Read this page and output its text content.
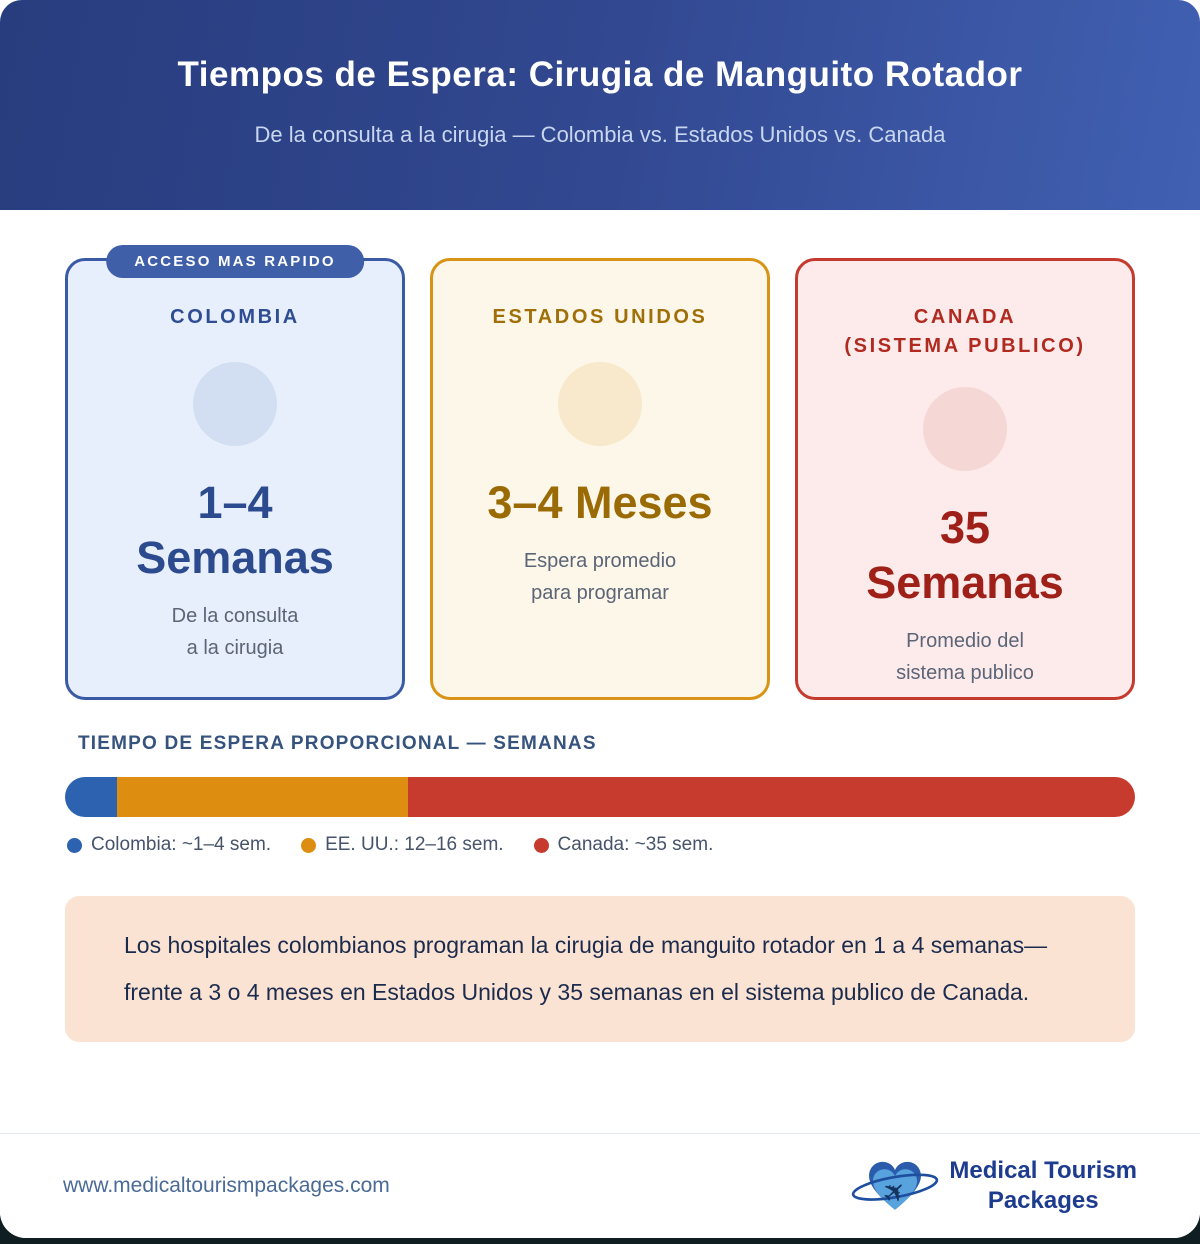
Tiempos de Espera: Cirugia de Manguito Rotador

De la consulta a la cirugia — Colombia vs. Estados Unidos vs. Canada

ACCESO MAS RAPIDO
COLOMBIA
1–4
Semanas

De la consulta
a la cirugia

ESTADOS UNIDOS
3–4 Meses

Espera promedio
para programar

CANADA
(SISTEMA PUBLICO)
35
Semanas

Promedio del
sistema publico

TIEMPO DE ESPERA PROPORCIONAL — SEMANAS
Colombia: ~1–4 sem.	EE. UU.: 12–16 sem.	Canada: ~35 sem.

Los hospitales colombianos programan la cirugia de manguito rotador en 1 a 4 semanas—frente a 3 o 4 meses en Estados Unidos y 35 semanas en el sistema publico de Canada.

www.medicaltourismpackages.com	✈
Medical Tourism
Packages
